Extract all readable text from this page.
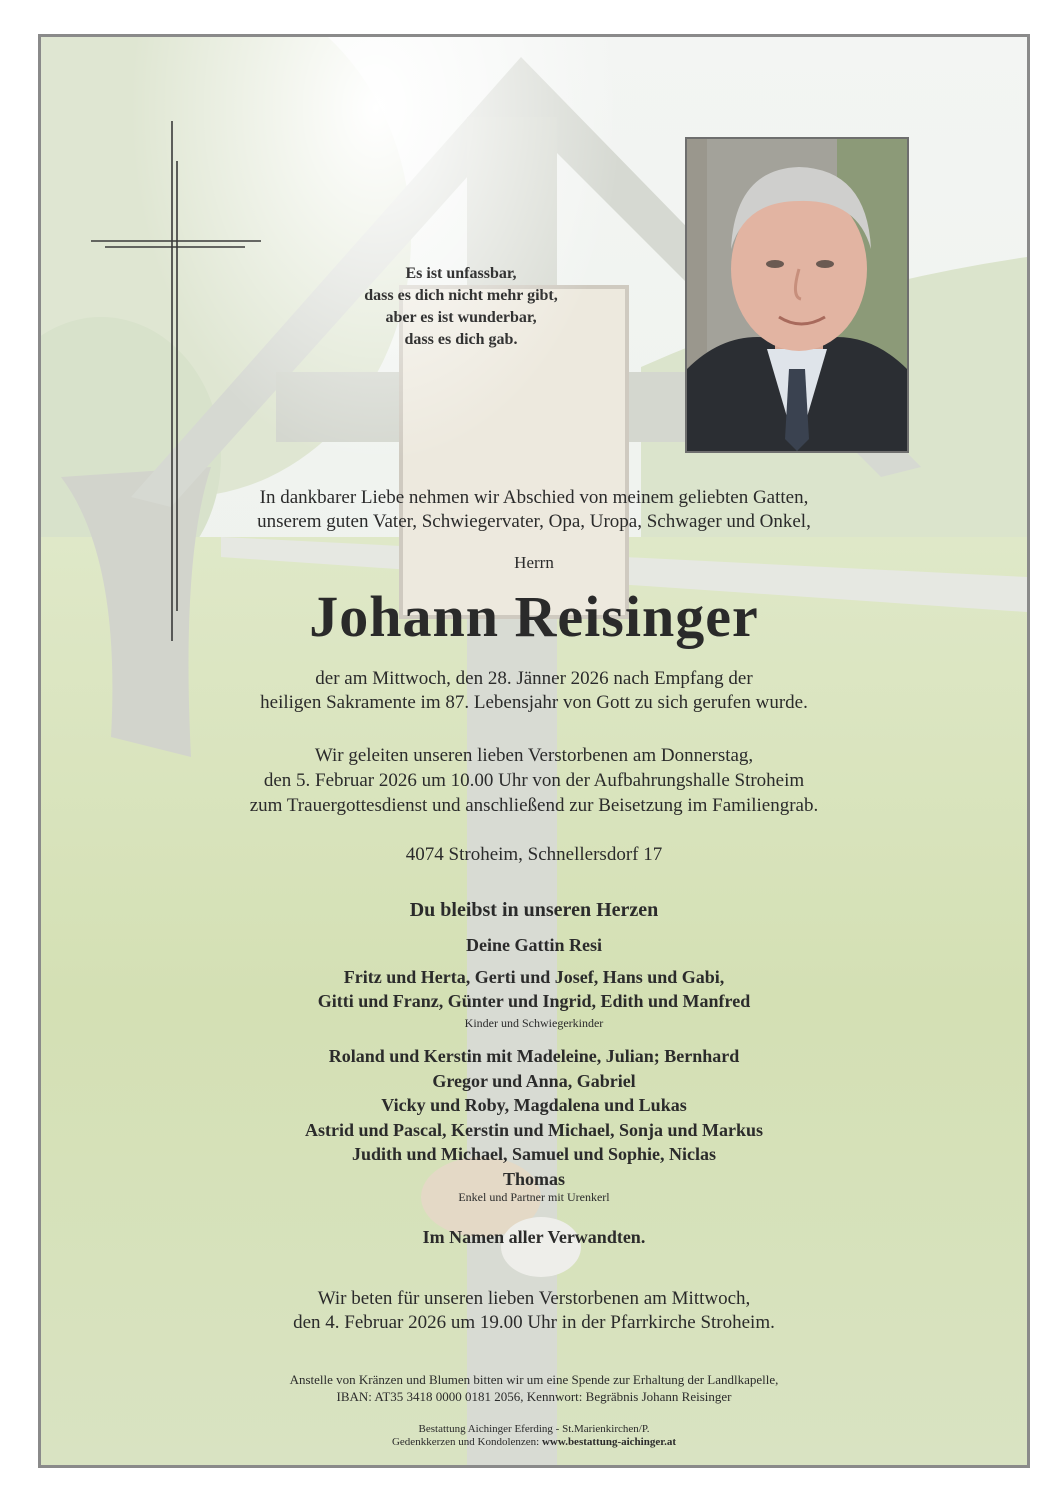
Es ist unfassbar,
dass es dich nicht mehr gibt,
aber es ist wunderbar,
dass es dich gab.
In dankbarer Liebe nehmen wir Abschied von meinem geliebten Gatten,
unserem guten Vater, Schwiegervater, Opa, Uropa, Schwager und Onkel,
Herrn
Johann Reisinger
der am Mittwoch, den 28. Jänner 2026 nach Empfang der
heiligen Sakramente im 87. Lebensjahr von Gott zu sich gerufen wurde.
Wir geleiten unseren lieben Verstorbenen am Donnerstag,
den 5. Februar 2026 um 10.00 Uhr von der Aufbahrungshalle Stroheim
zum Trauergottesdienst und anschließend zur Beisetzung im Familiengrab.
4074 Stroheim, Schnellersdorf 17
Du bleibst in unseren Herzen
Deine Gattin Resi
Fritz und Herta, Gerti und Josef, Hans und Gabi,
Gitti und Franz, Günter und Ingrid, Edith und Manfred
Kinder und Schwiegerkinder
Roland und Kerstin mit Madeleine, Julian; Bernhard
Gregor und Anna, Gabriel
Vicky und Roby, Magdalena und Lukas
Astrid und Pascal, Kerstin und Michael, Sonja und Markus
Judith und Michael, Samuel und Sophie, Niclas
Thomas
Enkel und Partner mit Urenkerl
Im Namen aller Verwandten.
Wir beten für unseren lieben Verstorbenen am Mittwoch,
den 4. Februar 2026 um 19.00 Uhr in der Pfarrkirche Stroheim.
Anstelle von Kränzen und Blumen bitten wir um eine Spende zur Erhaltung der Landlkapelle,
IBAN: AT35 3418 0000 0181 2056, Kennwort: Begräbnis Johann Reisinger
Bestattung Aichinger Eferding - St.Marienkirchen/P.
Gedenkkerzen und Kondolenzen: www.bestattung-aichinger.at
